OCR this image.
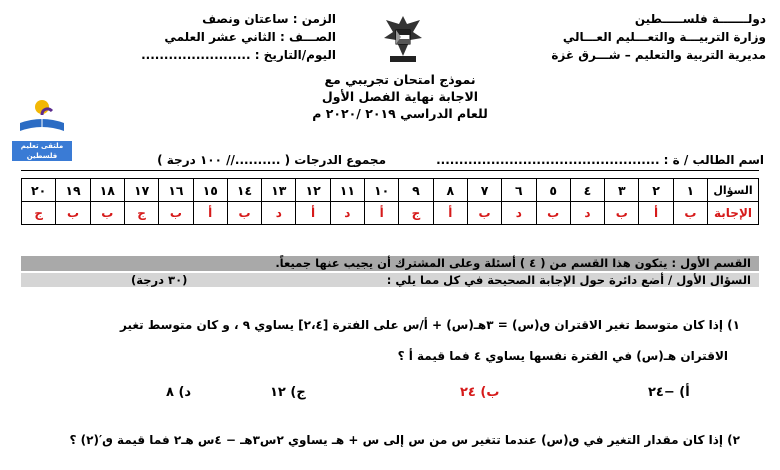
دولـــــــة فلســـــطين
وزارة التربيـــة والتعـــليم العـــالي
مديرية التربية والتعليم – شـــرق غزة
الزمن : ساعتان ونصف
الصـــف : الثاني عشر العلمي
اليوم/التاريخ : ........................
نموذج امتحان تجريبي مع
الاجابة نهاية الفصل الأول
للعام الدراسي ٢٠١٩ /٢٠٢٠ م
ملتقى تعليم فلسطين	اسم الطالب / ة : .................................................
مجموع الدرجات ( ..........// ١٠٠ درجة )
السؤال	١	٢	٣	٤	٥	٦	٧	٨	٩	١٠	١١	١٢	١٣	١٤	١٥	١٦	١٧	١٨	١٩	٢٠
الإجابة	ب	أ	ب	د	ب	د	ب	أ	ج	أ	د	أ	د	ب	أ	ب	ج	ب	ب	ج
القسم الأول : يتكون هذا القسم من ( ٤ ) أسئلة وعلى المشترك أن يجيب عنها جميعاً.
السؤال الأول / أضع دائرة حول الإجابة الصحيحة في كل مما يلي :
(٣٠ درجة)
١) إذا كان متوسط تغير الاقتران ٯ(س) = ٣هـ(س) + أ/س على الفترة [٢،٤] يساوي ٩ ، و كان متوسط تغير
الاقتران هـ(س) في الفترة نفسها يساوي ٤ فما قيمة أ ؟
أ) −٢٤
ب) ٢٤
ج) ١٢
د) ٨
٢) إذا كان مقدار التغير في ٯ(س) عندما تتغير س من س إلى س + هـ يساوي ٢س٣هـ − ٤س هـ٢ فما قيمة ٯ′(٢) ؟
